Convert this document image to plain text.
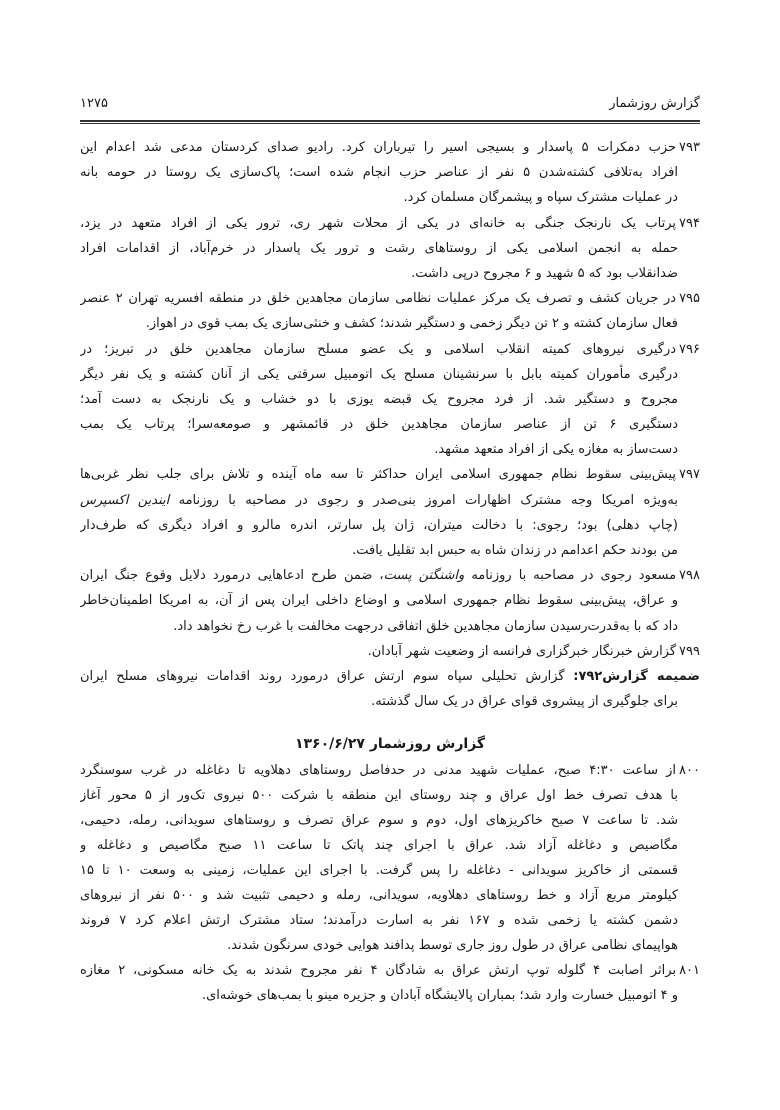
گزارش روزشمار
۱۲۷۵
۷۹۳حزب دمکرات ۵ پاسدار و بسیجی اسیر را تیرباران کرد. رادیو صدای کردستان مدعی شد اعدام این
افراد به‌تلافی کشته‌شدن ۵ نفر از عناصر حزب انجام شده است؛ پاک‌سازی یک روستا در حومه بانه
در عملیات مشترک سپاه و پیشمرگان مسلمان کرد.
۷۹۴پرتاب یک نارنجک جنگی به خانه‌ای در یکی از محلات شهر ری، ترور یکی از افراد متعهد در یزد،
حمله به انجمن اسلامی یکی از روستاهای رشت و ترور یک پاسدار در خرم‌آباد، از اقدامات افراد
ضدانقلاب بود که ۵ شهید و ۶ مجروح درپی داشت.
۷۹۵در جریان کشف و تصرف یک مرکز عملیات نظامی سازمان مجاهدین خلق در منطقه افسریه تهران ۲ عنصر
فعال سازمان کشته و ۲ تن دیگر زخمی و دستگیر شدند؛ کشف و خنثی‌سازی یک بمب قوی در اهواز.
۷۹۶درگیری نیروهای کمیته انقلاب اسلامی و یک عضو مسلح سازمان مجاهدین خلق در تبریز؛ در
درگیری مأموران کمیته بابل با سرنشینان مسلح یک اتومبیل سرقتی یکی از آنان کشته و یک نفر دیگر
مجروح و دستگیر شد. از فرد مجروح یک قبضه یوزی با دو خشاب و یک نارنجک به دست آمد؛
دستگیری ۶ تن از عناصر سازمان مجاهدین خلق در قائمشهر و صومعه‌سرا؛ پرتاب یک بمب
دست‌ساز به مغازه یکی از افراد متعهد مشهد.
۷۹۷پیش‌بینی سقوط نظام جمهوری اسلامی ایران حداکثر تا سه ماه آینده و تلاش برای جلب نظر غربی‌ها
به‌ویژه امریکا وجه مشترک اظهارات امروز بنی‌صدر و رجوی در مصاحبه با روزنامه ایندین اکسپرس
(چاپ دهلی) بود؛ رجوی: با دخالت میتران، ژان پل سارتر، اندره مالرو و افراد دیگری که طرف‌دار
من بودند حکم اعدامم در زندان شاه به حبس ابد تقلیل یافت.
۷۹۸مسعود رجوی در مصاحبه با روزنامه واشنگتن پست، ضمن طرح ادعاهایی درمورد دلایل وقوع جنگ ایران
و عراق، پیش‌بینی سقوط نظام جمهوری اسلامی و اوضاع داخلی ایران پس از آن، به امریکا اطمینان‌خاطر
داد که با به‌قدرت‌رسیدن سازمان مجاهدین خلق اتفاقی درجهت مخالفت با غرب رخ نخواهد داد.
۷۹۹گزارش خبرنگار خبرگزاری فرانسه از وضعیت شهر آبادان.
ضمیمه گزارش۷۹۲: گزارش تحلیلی سپاه سوم ارتش عراق درمورد روند اقدامات نیروهای مسلح ایران
برای جلوگیری از پیشروی قوای عراق در یک سال گذشته.
گزارش روزشمار ۱۳۶۰/۶/۲۷
۸۰۰از ساعت ۴:۳۰ صبح، عملیات شهید مدنی در حدفاصل روستاهای دهلاویه تا دغاغله در غرب سوسنگرد
با هدف تصرف خط اول عراق و چند روستای این منطقه با شرکت ۵۰۰ نیروی تک‌ور از ۵ محور آغاز
شد. تا ساعت ۷ صبح خاکریزهای اول، دوم و سوم عراق تصرف و روستاهای سویدانی، رمله، دحیمی،
مگاصیص و دغاغله آزاد شد. عراق با اجرای چند پاتک تا ساعت ۱۱ صبح مگاصیص و دغاغله و
قسمتی از خاکریز سویدانی - دغاغله را پس گرفت. با اجرای این عملیات، زمینی به وسعت ۱۰ تا ۱۵
کیلومتر مربع آزاد و خط روستاهای دهلاویه، سویدانی، رمله و دحیمی تثبیت شد و ۵۰۰ نفر از نیروهای
دشمن کشته یا زخمی شده و ۱۶۷ نفر به اسارت درآمدند؛ ستاد مشترک ارتش اعلام کرد ۷ فروند
هواپیمای نظامی عراق در طول روز جاری توسط پدافند هوایی خودی سرنگون شدند.
۸۰۱براثر اصابت ۴ گلوله توپ ارتش عراق به شادگان ۴ نفر مجروح شدند به یک خانه مسکونی، ۲ مغازه
و ۴ اتومبیل خسارت وارد شد؛ بمباران پالایشگاه آبادان و جزیره مینو با بمب‌های خوشه‌ای.
